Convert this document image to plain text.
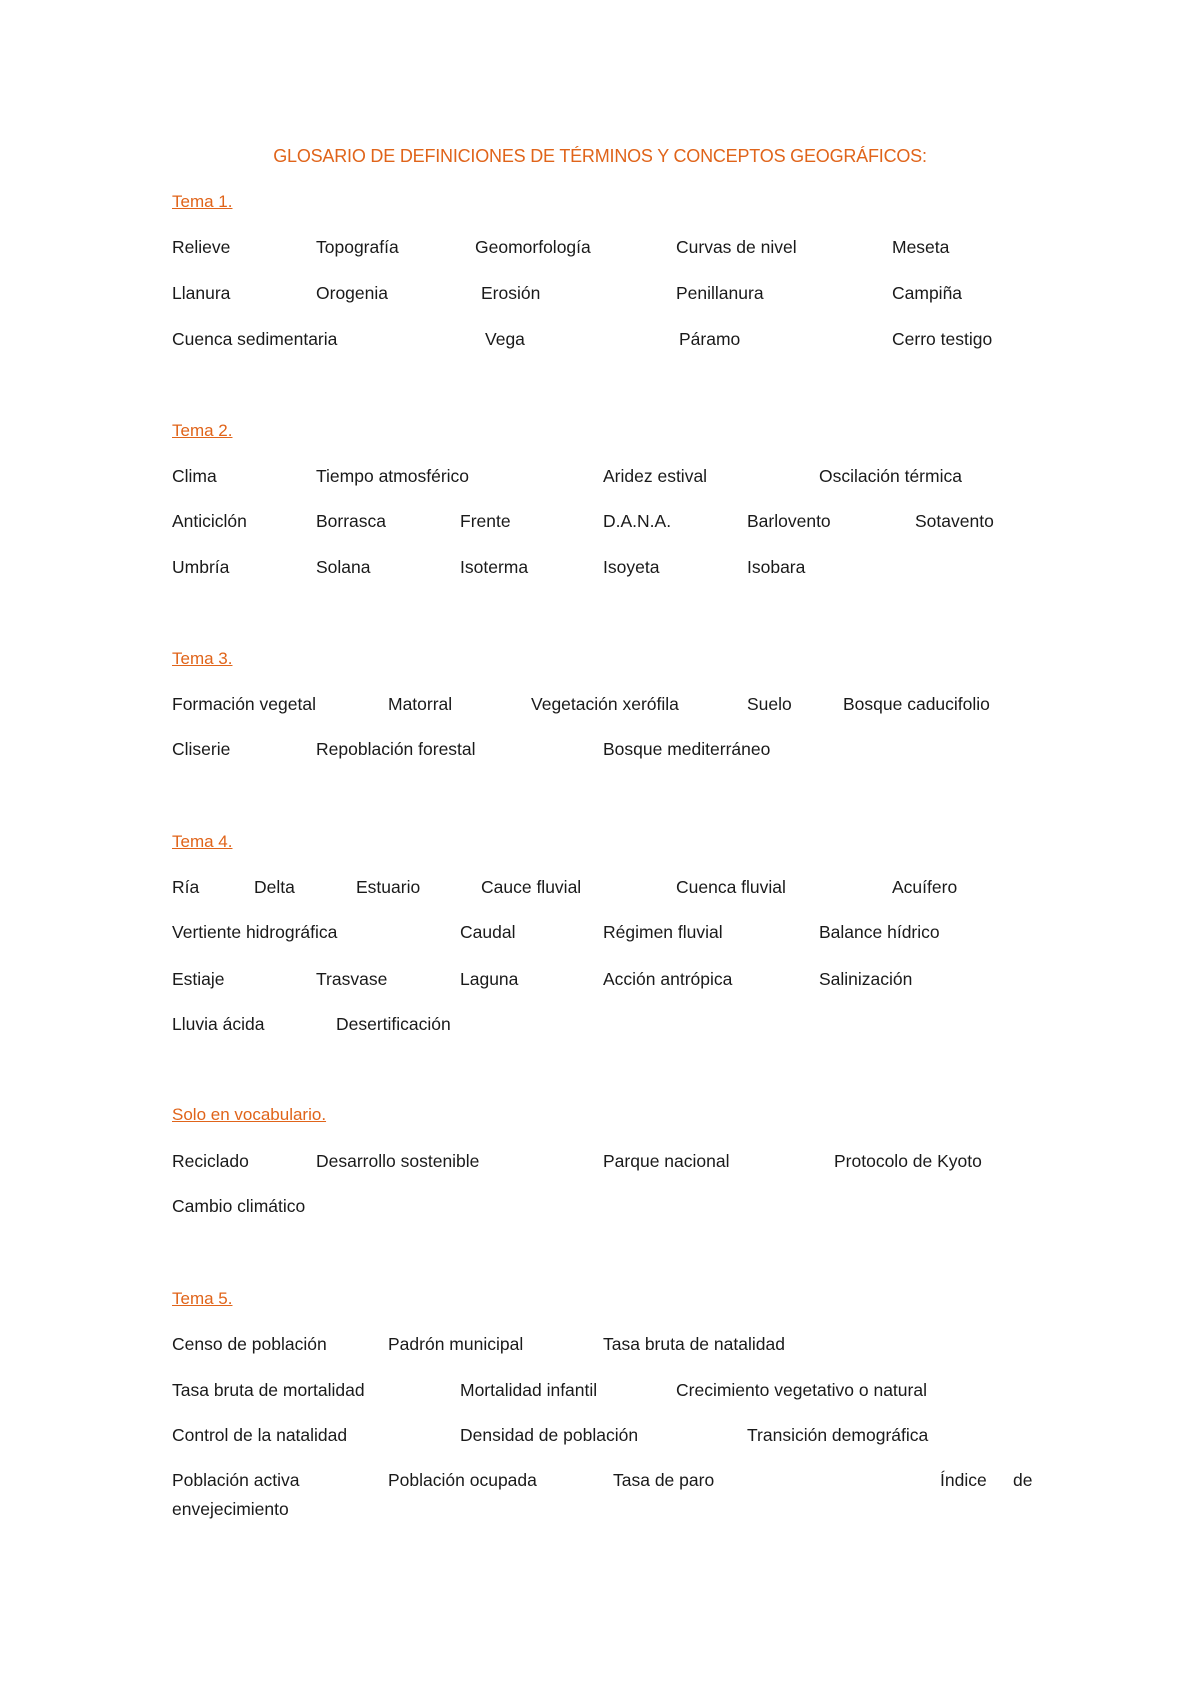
GLOSARIO DE DEFINICIONES DE TÉRMINOS Y CONCEPTOS GEOGRÁFICOS:
Tema 1.
Relieve	Topografía	Geomorfología	Curvas de nivel	Meseta
Llanura	Orogenia	Erosión	Penillanura	Campiña
Cuenca sedimentaria	Vega	Páramo	Cerro testigo
Tema 2.
Clima	Tiempo atmosférico	Aridez estival	Oscilación térmica
Anticiclón	Borrasca	Frente	D.A.N.A.	Barlovento	Sotavento
Umbría	Solana	Isoterma	Isoyeta	Isobara
Tema 3.
Formación vegetal	Matorral	Vegetación xerófila	Suelo	Bosque caducifolio
Cliserie	Repoblación forestal	Bosque mediterráneo
Tema 4.
Ría	Delta	Estuario	Cauce fluvial	Cuenca fluvial	Acuífero
Vertiente hidrográfica	Caudal	Régimen fluvial	Balance hídrico
Estiaje	Trasvase	Laguna	Acción antrópica	Salinización
Lluvia ácida	Desertificación
Solo en vocabulario.
Reciclado	Desarrollo sostenible	Parque nacional	Protocolo de Kyoto
Cambio climático
Tema 5.
Censo de población	Padrón municipal	Tasa bruta de natalidad
Tasa bruta de mortalidad	Mortalidad infantil	Crecimiento vegetativo o natural
Control de la natalidad	Densidad de población	Transición demográfica
Población activa	Población ocupada	Tasa de paro	Índice de
envejecimiento
